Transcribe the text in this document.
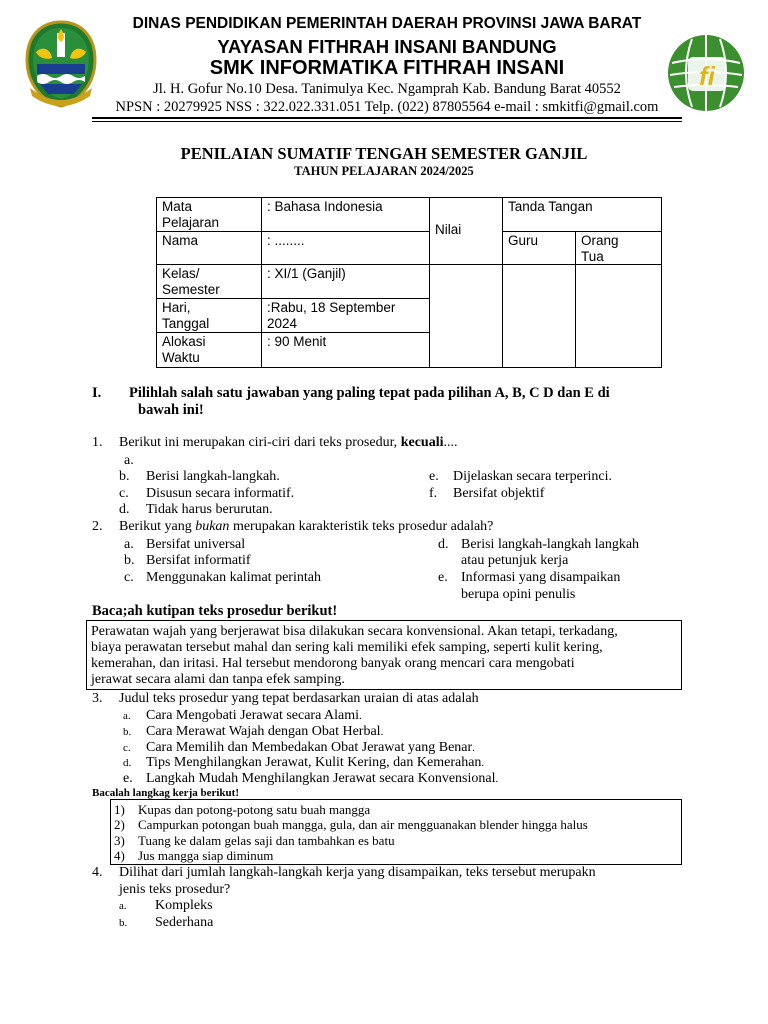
DINAS PENDIDIKAN PEMERINTAH DAERAH PROVINSI JAWA BARAT
YAYASAN FITHRAH INSANI BANDUNG
SMK INFORMATIKA FITHRAH INSANI
Jl. H. Gofur No.10 Desa. Tanimulya Kec. Ngamprah Kab. Bandung Barat 40552
NPSN : 20279925 NSS : 322.022.331.051 Telp. (022) 87805564 e-mail : smkitfi@gmail.com
fi
PENILAIAN SUMATIF TENGAH SEMESTER GANJIL
TAHUN PELAJARAN 2024/2025
Mata
Pelajaran
: Bahasa Indonesia
Nama	: ........
Kelas/
Semester
: XI/1 (Ganjil)
Hari,
Tanggal
:Rabu, 18 September
2024
Alokasi
Waktu
: 90 Menit
Nilai
Tanda Tangan
Guru	Orang
Tua
I. Pilihlah salah satu jawaban yang paling tepat pada pilihan A, B, C D dan E di
bawah ini!
1. Berikut ini merupakan ciri-ciri dari teks prosedur, kecuali....
a.
b. Berisi langkah-langkah.
c. Disusun secara informatif.
d. Tidak harus berurutan.
e. Dijelaskan secara terperinci.
f. Bersifat objektif
2. Berikut yang bukan merupakan karakteristik teks prosedur adalah?
a. Bersifat universal
b. Bersifat informatif
c. Menggunakan kalimat perintah
d. Berisi langkah-langkah langkah
atau petunjuk kerja
e. Informasi yang disampaikan
berupa opini penulis
Baca;ah kutipan teks prosedur berikut!
Perawatan wajah yang berjerawat bisa dilakukan secara konvensional. Akan tetapi, terkadang,
biaya perawatan tersebut mahal dan sering kali memiliki efek samping, seperti kulit kering,
kemerahan, dan iritasi. Hal tersebut mendorong banyak orang mencari cara mengobati
jerawat secara alami dan tanpa efek samping.
3. Judul teks prosedur yang tepat berdasarkan uraian di atas adalah
a. Cara Mengobati Jerawat secara Alami.
b. Cara Merawat Wajah dengan Obat Herbal.
c. Cara Memilih dan Membedakan Obat Jerawat yang Benar.
d. Tips Menghilangkan Jerawat, Kulit Kering, dan Kemerahan.
e. Langkah Mudah Menghilangkan Jerawat secara Konvensional.
Bacalah langkag kerja berikut!
1) Kupas dan potong-potong satu buah mangga
2) Campurkan potongan buah mangga, gula, dan air mengguanakan blender hingga halus
3) Tuang ke dalam gelas saji dan tambahkan es batu
4) Jus mangga siap diminum
4. Dilihat dari jumlah langkah-langkah kerja yang disampaikan, teks tersebut merupakn
jenis teks prosedur?
a. Kompleks
b. Sederhana
